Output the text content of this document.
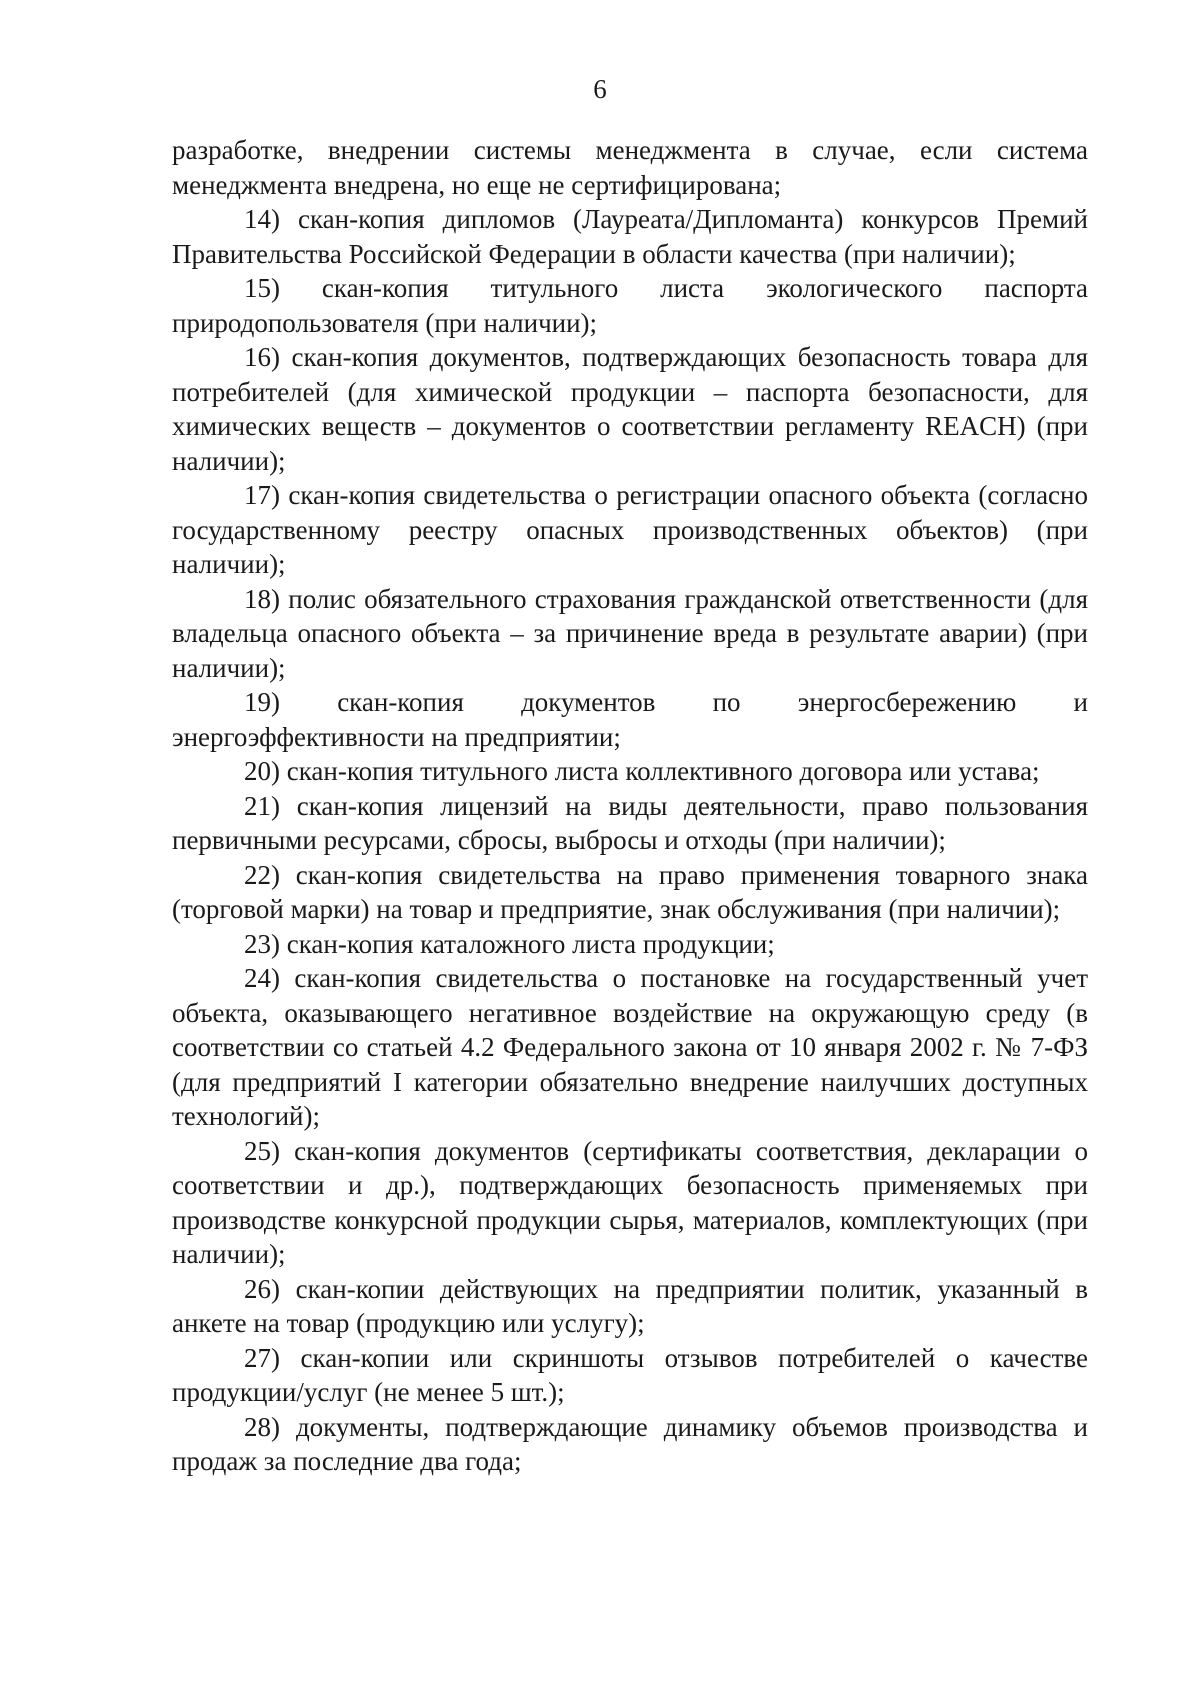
6

разработке, внедрении системы менеджмента в случае, если система менеджмента внедрена, но еще не сертифицирована;

14) скан-копия дипломов (Лауреата/Дипломанта) конкурсов Премий Правительства Российской Федерации в области качества (при наличии);

15) скан-копия титульного листа экологического паспорта природопользователя (при наличии);

16) скан-копия документов, подтверждающих безопасность товара для потребителей (для химической продукции – паспорта безопасности, для химических веществ – документов о соответствии регламенту REACH) (при наличии);

17) скан-копия свидетельства о регистрации опасного объекта (согласно государственному реестру опасных производственных объектов) (при наличии);

18) полис обязательного страхования гражданской ответственности (для владельца опасного объекта – за причинение вреда в результате аварии) (при наличии);

19) скан-копия документов по энергосбережению и энергоэффективности на предприятии;

20) скан-копия титульного листа коллективного договора или устава;

21) скан-копия лицензий на виды деятельности, право пользования первичными ресурсами, сбросы, выбросы и отходы (при наличии);

22) скан-копия свидетельства на право применения товарного знака (торговой марки) на товар и предприятие, знак обслуживания (при наличии);

23) скан-копия каталожного листа продукции;

24) скан-копия свидетельства о постановке на государственный учет объекта, оказывающего негативное воздействие на окружающую среду (в соответствии со статьей 4.2 Федерального закона от 10 января 2002 г. № 7-ФЗ (для предприятий I категории обязательно внедрение наилучших доступных технологий);

25) скан-копия документов (сертификаты соответствия, декларации о соответствии и др.), подтверждающих безопасность применяемых при производстве конкурсной продукции сырья, материалов, комплектующих (при наличии);

26) скан-копии действующих на предприятии политик, указанный в анкете на товар (продукцию или услугу);

27) скан-копии или скриншоты отзывов потребителей о качестве продукции/услуг (не менее 5 шт.);

28) документы, подтверждающие динамику объемов производства и продаж за последние два года;
